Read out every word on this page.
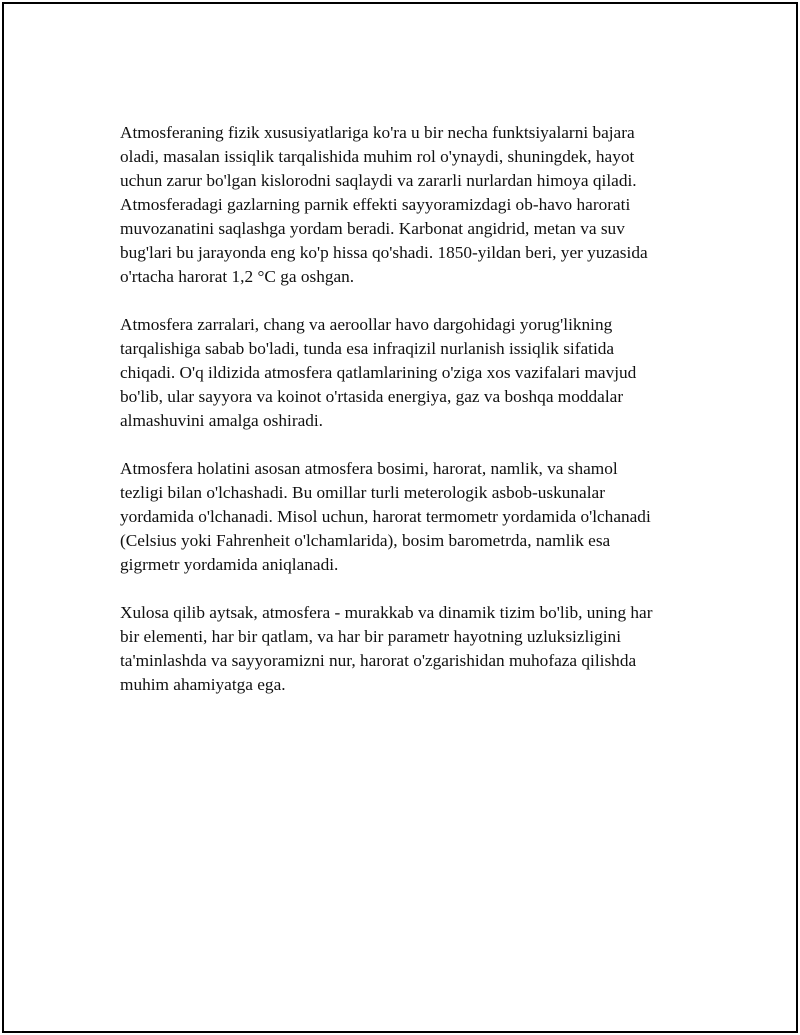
Atmosferaning fizik xususiyatlariga ko'ra u bir necha funktsiyalarni bajara
oladi, masalan issiqlik tarqalishida muhim rol o'ynaydi, shuningdek, hayot
uchun zarur bo'lgan kislorodni saqlaydi va zararli nurlardan himoya qiladi.
Atmosferadagi gazlarning parnik effekti sayyoramizdagi ob-havo harorati
muvozanatini saqlashga yordam beradi. Karbonat angidrid, metan va suv
bug'lari bu jarayonda eng ko'p hissa qo'shadi. 1850-yildan beri, yer yuzasida
o'rtacha harorat 1,2 °C ga oshgan.

Atmosfera zarralari, chang va aeroollar havo dargohidagi yorug'likning
tarqalishiga sabab bo'ladi, tunda esa infraqizil nurlanish issiqlik sifatida
chiqadi. O'q ildizida atmosfera qatlamlarining o'ziga xos vazifalari mavjud
bo'lib, ular sayyora va koinot o'rtasida energiya, gaz va boshqa moddalar
almashuvini amalga oshiradi.

Atmosfera holatini asosan atmosfera bosimi, harorat, namlik, va shamol
tezligi bilan o'lchashadi. Bu omillar turli meterologik asbob-uskunalar
yordamida o'lchanadi. Misol uchun, harorat termometr yordamida o'lchanadi
(Celsius yoki Fahrenheit o'lchamlarida), bosim barometrda, namlik esa
gigrmetr yordamida aniqlanadi.

Xulosa qilib aytsak, atmosfera - murakkab va dinamik tizim bo'lib, uning har
bir elementi, har bir qatlam, va har bir parametr hayotning uzluksizligini
ta'minlashda va sayyoramizni nur, harorat o'zgarishidan muhofaza qilishda
muhim ahamiyatga ega.
